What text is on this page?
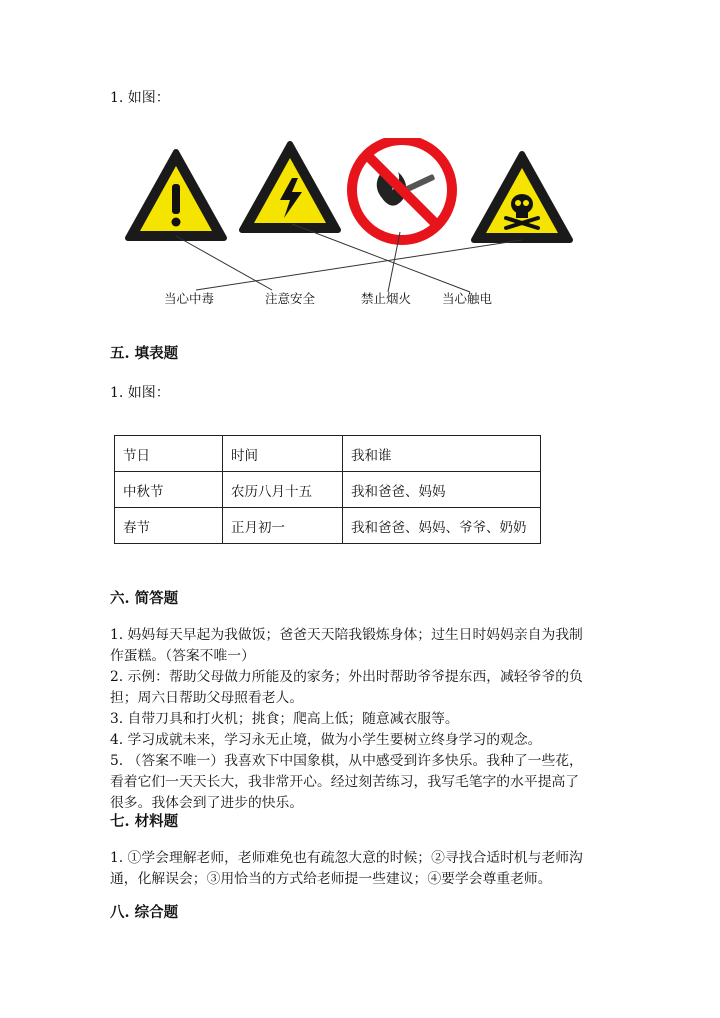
1. 如图：
当心中毒	注意安全	禁止烟火 当心触电
五. 填表题
1. 如图：
节日	时间	我和谁
中秋节	农历八月十五	我和爸爸、妈妈
春节	正月初一	我和爸爸、妈妈、爷爷、奶奶
六. 简答题
1. 妈妈每天早起为我做饭；爸爸天天陪我锻炼身体；过生日时妈妈亲自为我制
作蛋糕。（答案不唯一）
2. 示例：帮助父母做力所能及的家务；外出时帮助爷爷提东西，减轻爷爷的负
担；周六日帮助父母照看老人。
3. 自带刀具和打火机；挑食；爬高上低；随意减衣服等。
4. 学习成就未来，学习永无止境，做为小学生要树立终身学习的观念。
5. （答案不唯一）我喜欢下中国象棋，从中感受到许多快乐。我种了一些花，
看着它们一天天长大，我非常开心。经过刻苦练习，我写毛笔字的水平提高了
很多。我体会到了进步的快乐。
七. 材料题
1. ①学会理解老师，老师难免也有疏忽大意的时候；②寻找合适时机与老师沟
通，化解误会；③用恰当的方式给老师提一些建议；④要学会尊重老师。
八. 综合题
